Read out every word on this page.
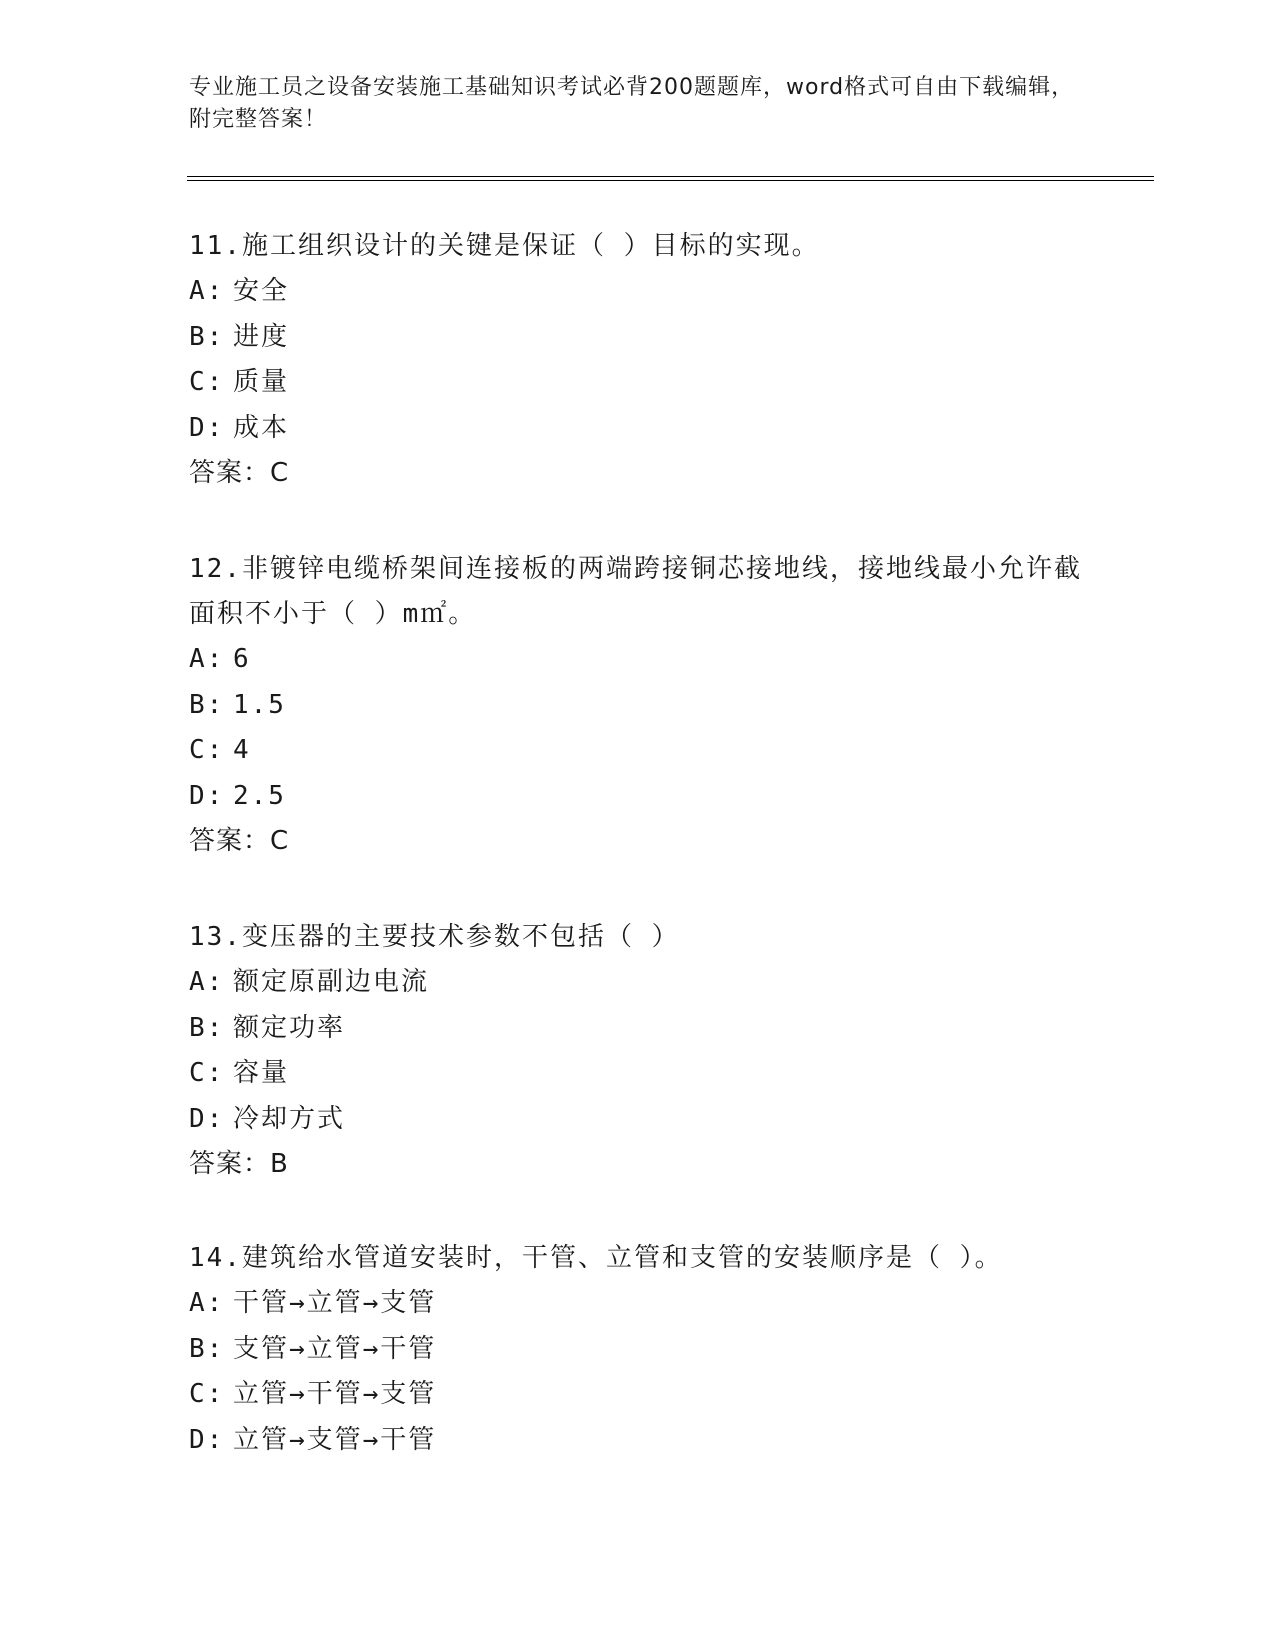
专业施工员之设备安装施工基础知识考试必背200题题库，word格式可自由下载编辑，附完整答案！
11.施工组织设计的关键是保证（ ）目标的实现。
A: 安全
B: 进度
C: 质量
D: 成本
答案：C
12.非镀锌电缆桥架间连接板的两端跨接铜芯接地线，接地线最小允许截面积不小于（ ）m㎡。
A: 6
B: 1.5
C: 4
D: 2.5
答案：C
13.变压器的主要技术参数不包括（ ）
A: 额定原副边电流
B: 额定功率
C: 容量
D: 冷却方式
答案：B
14.建筑给水管道安装时，干管、立管和支管的安装顺序是（ ）。
A: 干管→立管→支管
B: 支管→立管→干管
C: 立管→干管→支管
D: 立管→支管→干管
